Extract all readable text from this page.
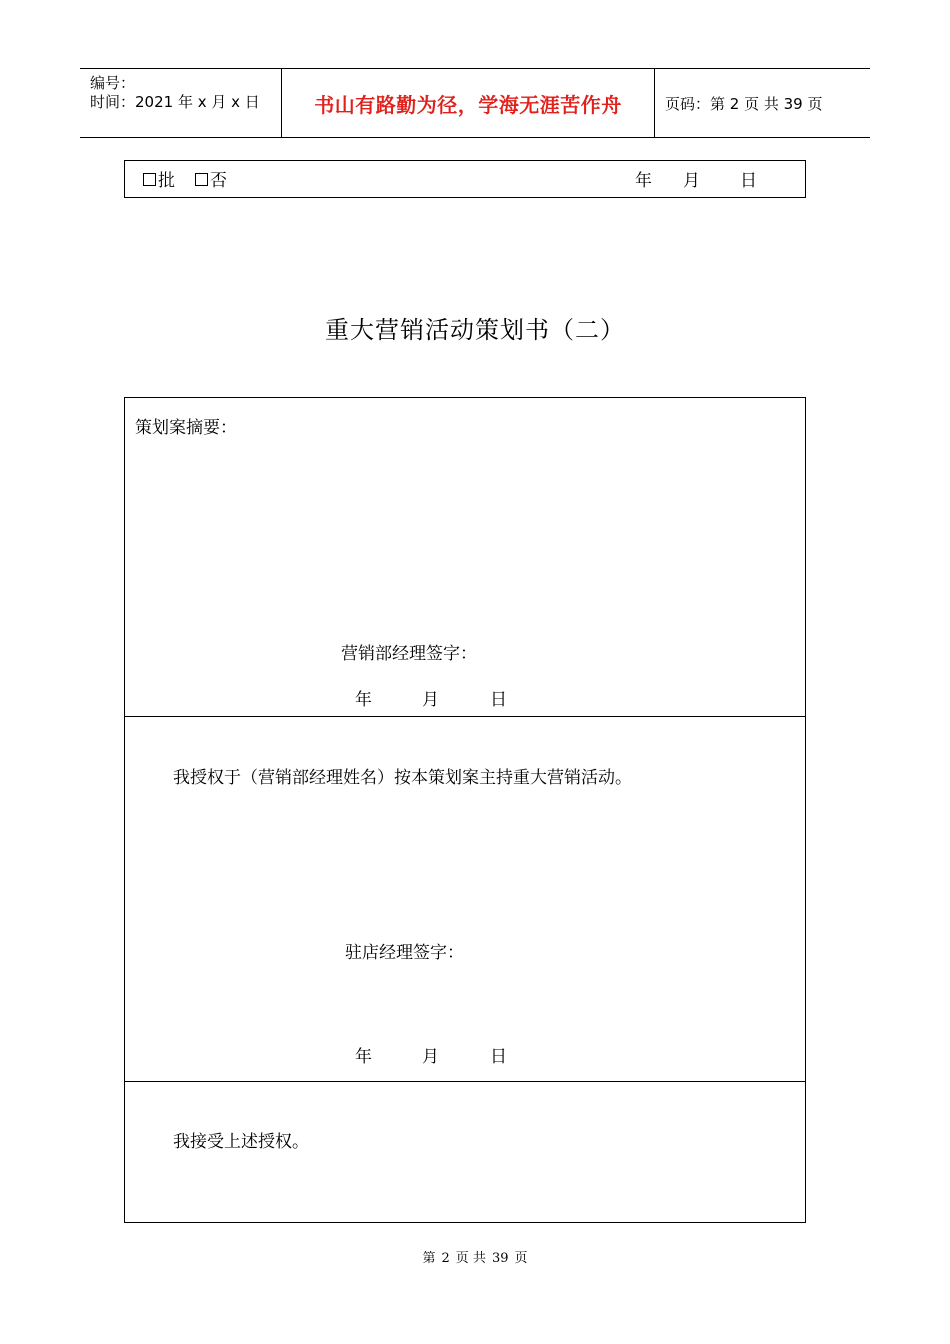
编号：
时间：2021 年 x 月 x 日	书山有路勤为径，学海无涯苦作舟	页码：第 2 页 共 39 页
批	否	年 月 日
重大营销活动策划书（二）
策划案摘要：
营销部经理签字：
年	月	日
我授权于（营销部经理姓名）按本策划案主持重大营销活动。
驻店经理签字：
年	月	日
我接受上述授权。
第 2 页 共 39 页
